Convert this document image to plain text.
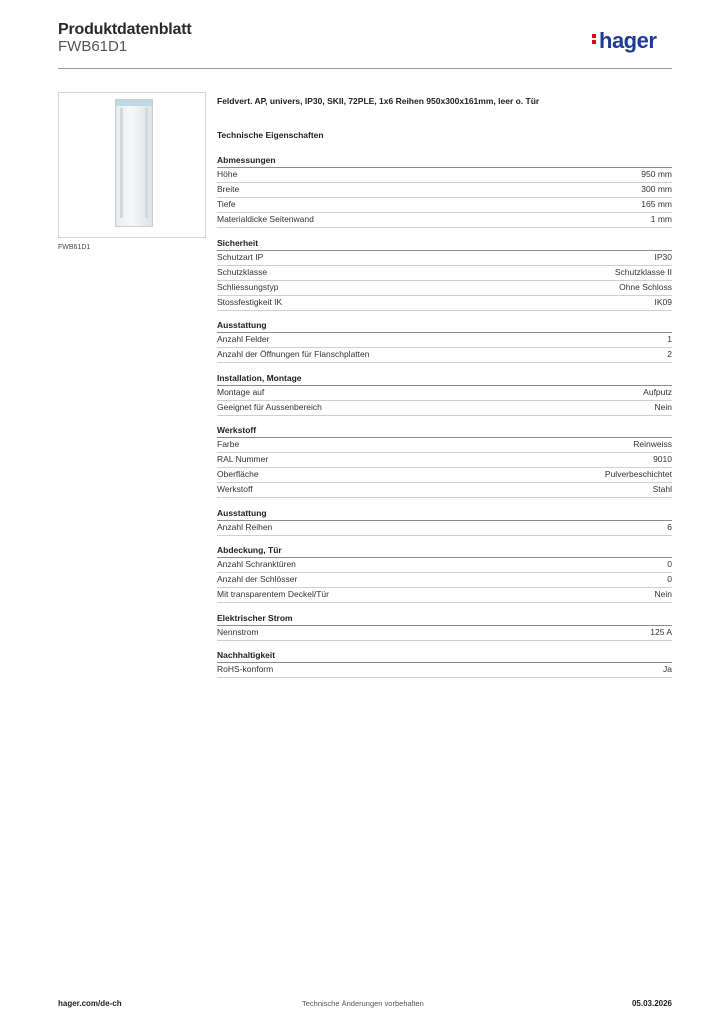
Produktdatenblatt
FWB61D1	hager
FWB61D1
Feldvert. AP, univers, IP30, SKII, 72PLE, 1x6 Reihen 950x300x161mm, leer o. Tür
Technische Eigenschaften
Abmessungen
Höhe	950 mm
Breite	300 mm
Tiefe	165 mm
Materialdicke Seitenwand	1 mm
Sicherheit
Schutzart IP	IP30
Schutzklasse	Schutzklasse II
Schliessungstyp	Ohne Schloss
Stossfestigkeit IK	IK09
Ausstattung
Anzahl Felder	1
Anzahl der Öffnungen für Flanschplatten	2
Installation, Montage
Montage auf	Aufputz
Geeignet für Aussenbereich	Nein
Werkstoff
Farbe	Reinweiss
RAL Nummer	9010
Oberfläche	Pulverbeschichtet
Werkstoff	Stahl
Ausstattung
Anzahl Reihen	6
Abdeckung, Tür
Anzahl Schranktüren	0
Anzahl der Schlösser	0
Mit transparentem Deckel/Tür	Nein
Elektrischer Strom
Nennstrom	125 A
Nachhaltigkeit
RoHS-konform	Ja
hager.com/de-ch	Technische Änderungen vorbehalten	05.03.2026
